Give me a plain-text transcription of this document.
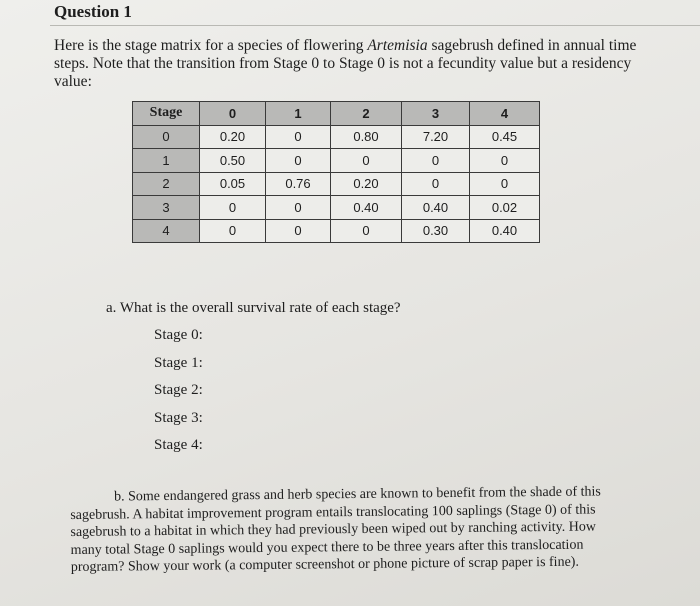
Question 1
Here is the stage matrix for a species of flowering Artemisia sagebrush defined in annual time steps. Note that the transition from Stage 0 to Stage 0 is not a fecundity value but a residency value:
Stage	0	1	2	3	4
0	0.20	0	0.80	7.20	0.45
1	0.50	0	0	0	0
2	0.05	0.76	0.20	0	0
3	0	0	0.40	0.40	0.02
4	0	0	0	0.30	0.40
a. What is the overall survival rate of each stage?
Stage 0:
Stage 1:
Stage 2:
Stage 3:
Stage 4:
b. Some endangered grass and herb species are known to benefit from the shade of this sagebrush. A habitat improvement program entails translocating 100 saplings (Stage 0) of this sagebrush to a habitat in which they had previously been wiped out by ranching activity. How many total Stage 0 saplings would you expect there to be three years after this translocation program? Show your work (a computer screenshot or phone picture of scrap paper is fine).
